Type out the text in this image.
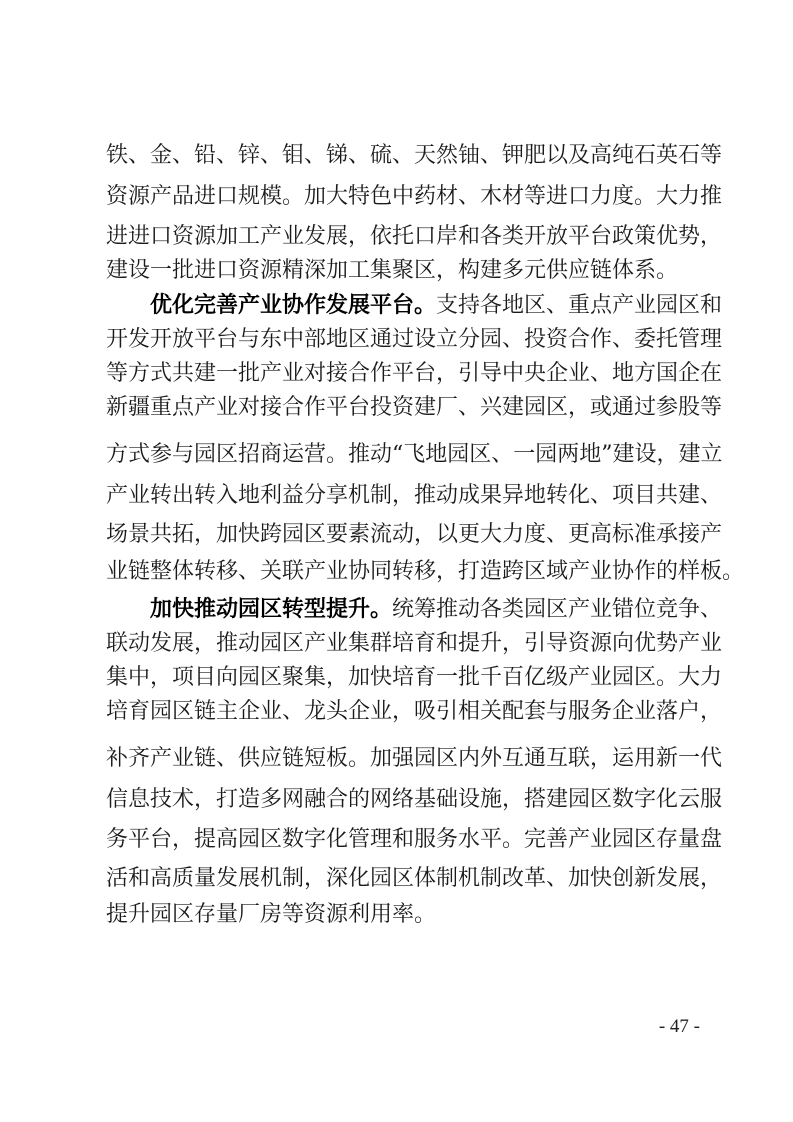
铁、金、铅、锌、钼、锑、硫、天然铀、钾肥以及高纯石英石等
资源产品进口规模。加大特色中药材、木材等进口力度。大力推
进进口资源加工产业发展，依托口岸和各类开放平台政策优势，
建设一批进口资源精深加工集聚区，构建多元供应链体系。
优化完善产业协作发展平台。支持各地区、重点产业园区和
开发开放平台与东中部地区通过设立分园、投资合作、委托管理
等方式共建一批产业对接合作平台，引导中央企业、地方国企在
新疆重点产业对接合作平台投资建厂、兴建园区，或通过参股等
方式参与园区招商运营。推动“飞地园区、一园两地”建设，建立
产业转出转入地利益分享机制，推动成果异地转化、项目共建、
场景共拓，加快跨园区要素流动，以更大力度、更高标准承接产
业链整体转移、关联产业协同转移，打造跨区域产业协作的样板。
加快推动园区转型提升。统筹推动各类园区产业错位竞争、
联动发展，推动园区产业集群培育和提升，引导资源向优势产业
集中，项目向园区聚集，加快培育一批千百亿级产业园区。大力
培育园区链主企业、龙头企业，吸引相关配套与服务企业落户，
补齐产业链、供应链短板。加强园区内外互通互联，运用新一代
信息技术，打造多网融合的网络基础设施，搭建园区数字化云服
务平台，提高园区数字化管理和服务水平。完善产业园区存量盘
活和高质量发展机制，深化园区体制机制改革、加快创新发展，
提升园区存量厂房等资源利用率。
- 47 -
